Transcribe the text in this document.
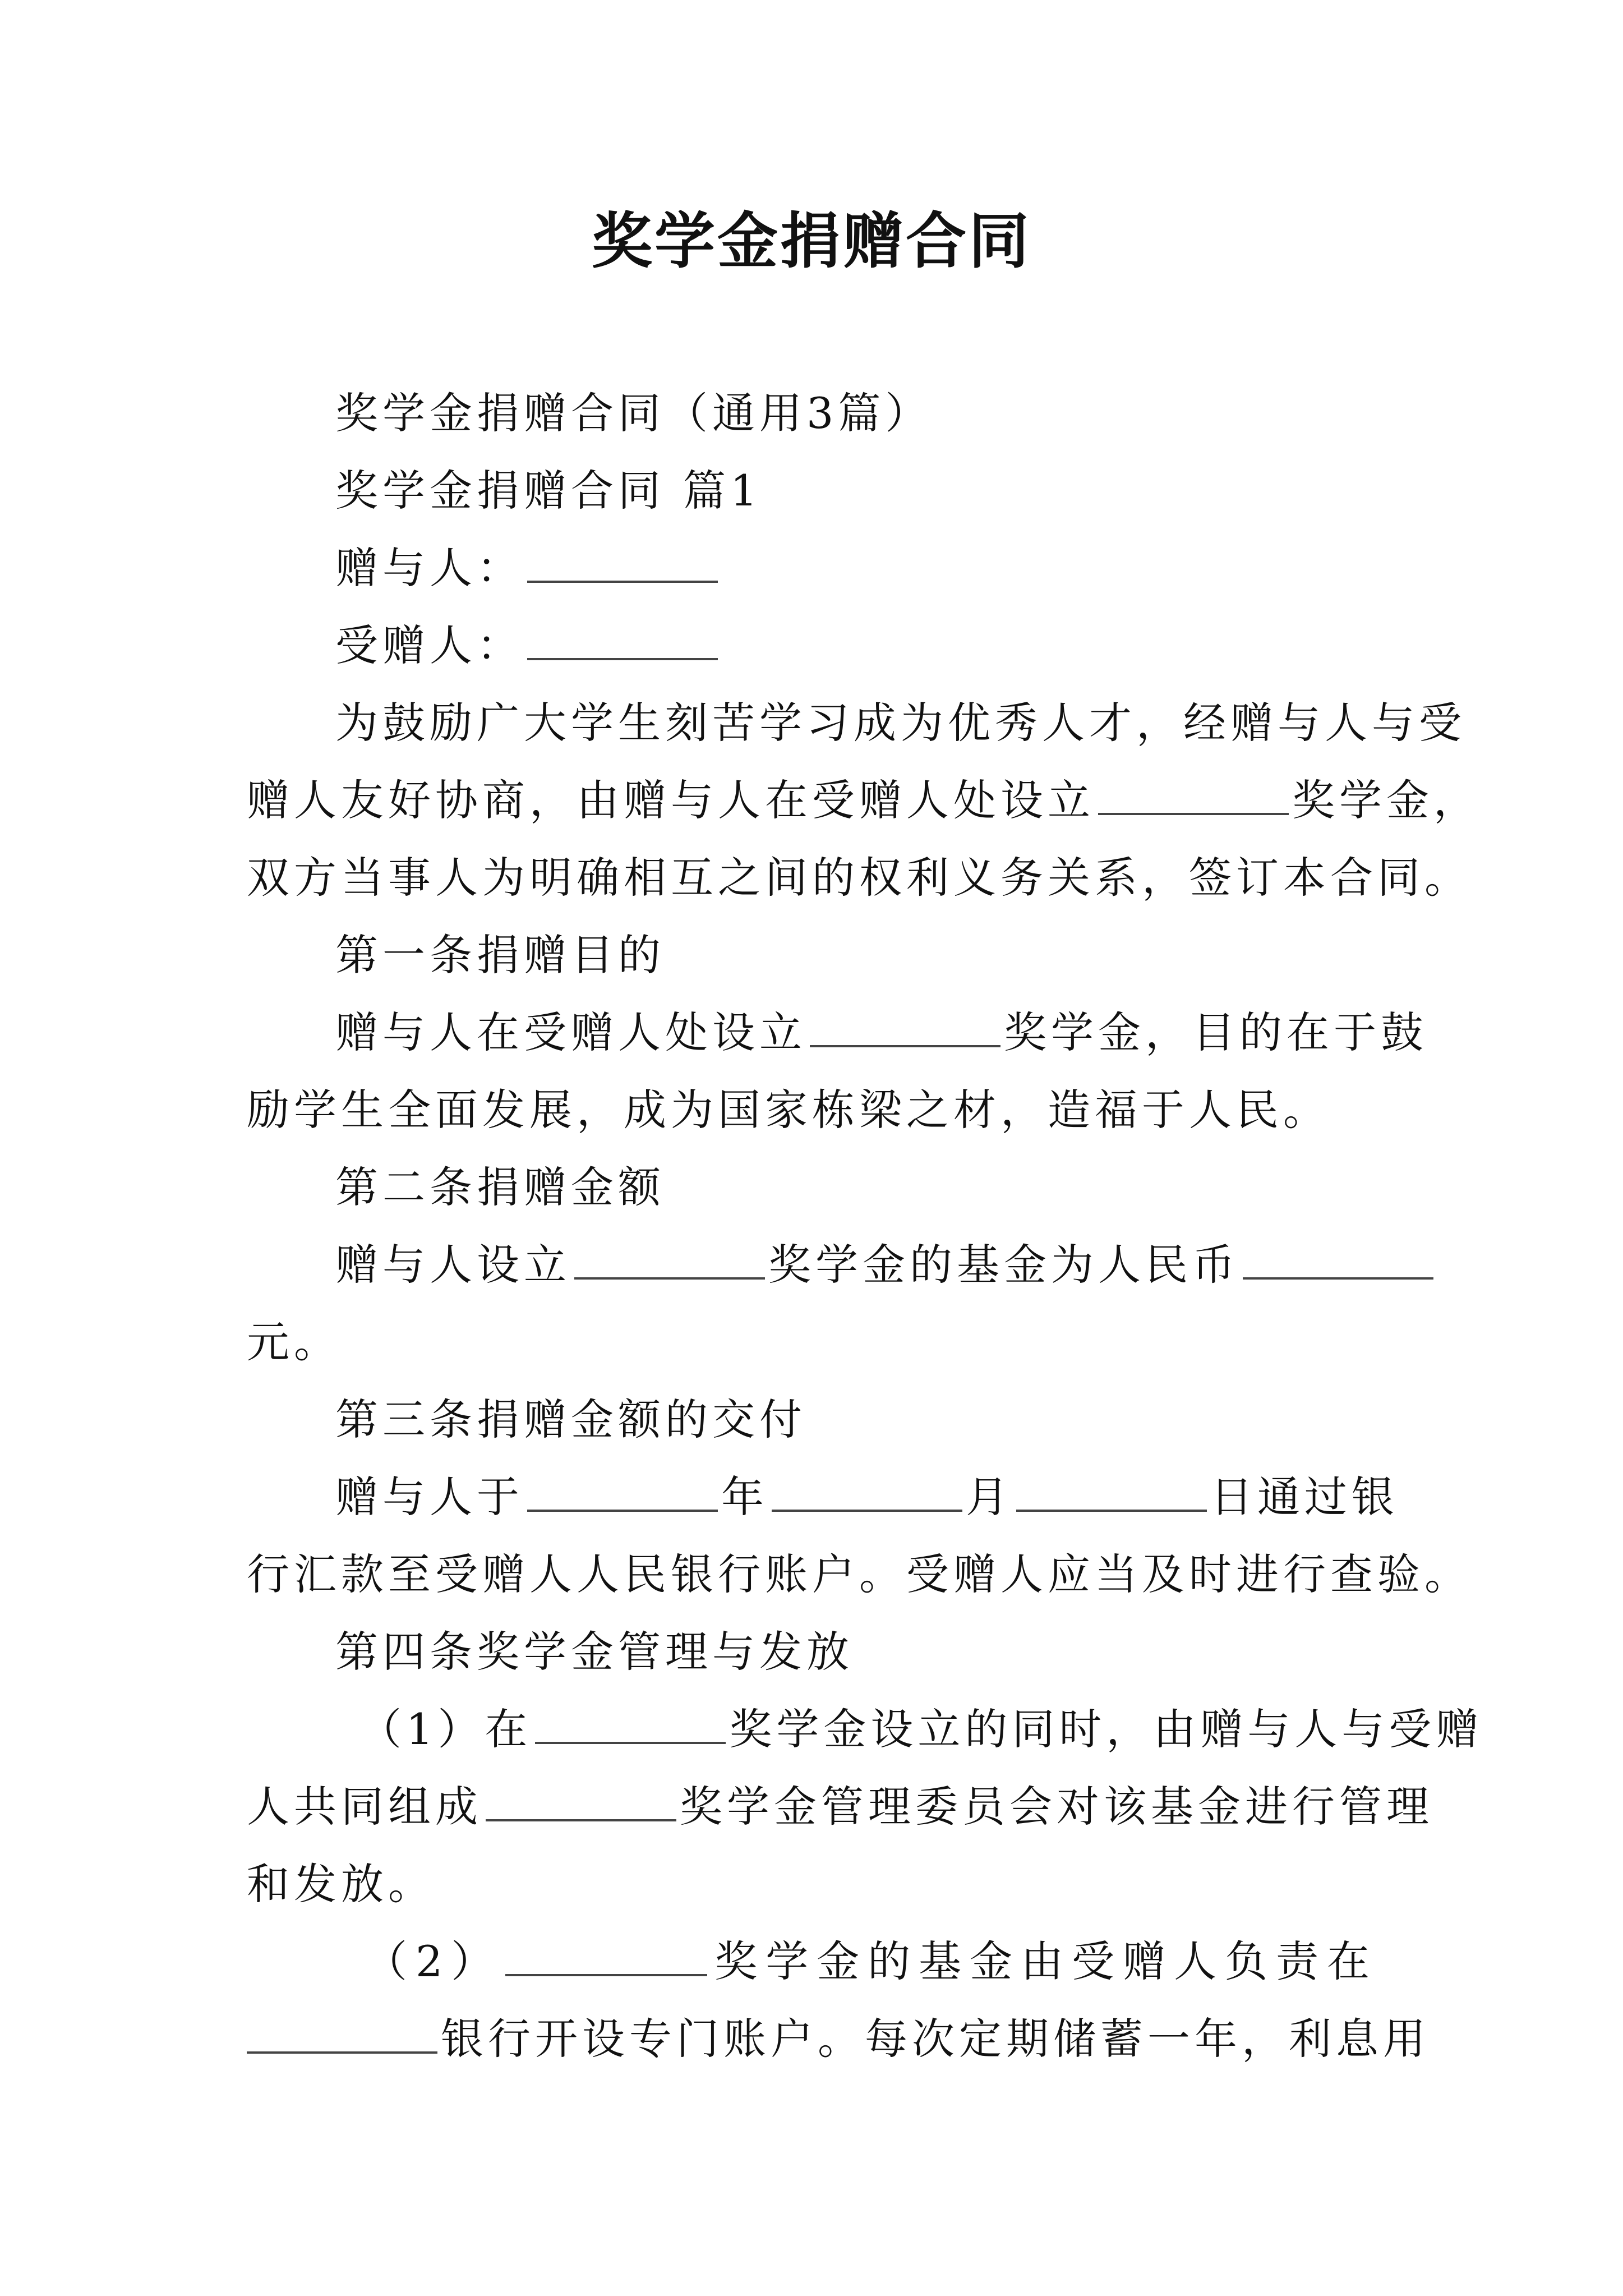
奖学金捐赠合同
奖学金捐赠合同（通用3篇）
奖学金捐赠合同 篇1
赠与人：
受赠人：
为鼓励广大学生刻苦学习成为优秀人才，经赠与人与受
赠人友好协商，由赠与人在受赠人处设立	奖学金，
双方当事人为明确相互之间的权利义务关系，签订本合同。
第一条捐赠目的
赠与人在受赠人处设立	奖学金，目的在于鼓
励学生全面发展，成为国家栋梁之材，造福于人民。
第二条捐赠金额
赠与人设立	奖学金的基金为人民币
元。
第三条捐赠金额的交付
赠与人于	年	月	日通过银
行汇款至受赠人人民银行账户。受赠人应当及时进行查验。
第四条奖学金管理与发放
（1）在	奖学金设立的同时，由赠与人与受赠
人共同组成	奖学金管理委员会对该基金进行管理
和发放。
（2）	奖学金的基金由受赠人负责在
银行开设专门账户。每次定期储蓄一年，利息用
